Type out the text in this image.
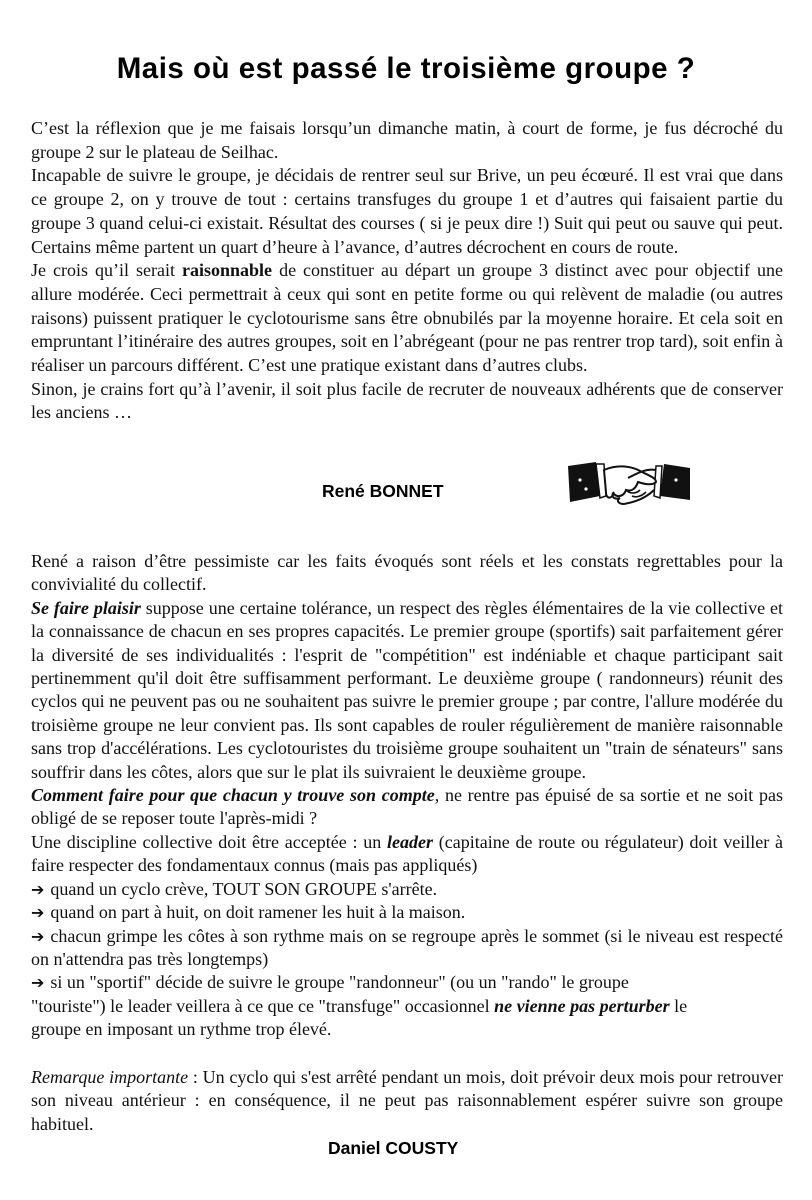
Mais où est passé le troisième groupe ?

C’est la réflexion que je me faisais lorsqu’un dimanche matin, à court de forme, je fus décroché du groupe 2 sur le plateau de Seilhac.

Incapable de suivre le groupe, je décidais de rentrer seul sur Brive, un peu écœuré. Il est vrai que dans ce groupe 2, on y trouve de tout : certains transfuges du groupe 1 et d’autres qui faisaient partie du groupe 3 quand celui-ci existait. Résultat des courses ( si je peux dire !) Suit qui peut ou sauve qui peut. Certains même partent un quart d’heure à l’avance, d’autres décrochent en cours de route.

Je crois qu’il serait raisonnable de constituer au départ un groupe 3 distinct avec pour objectif une allure modérée. Ceci permettrait à ceux qui sont en petite forme ou qui relèvent de maladie (ou autres raisons) puissent pratiquer le cyclotourisme sans être obnubilés par la moyenne horaire. Et cela soit en empruntant l’itinéraire des autres groupes, soit en l’abrégeant (pour ne pas rentrer trop tard), soit enfin à réaliser un parcours différent. C’est une pratique existant dans d’autres clubs.

Sinon, je crains fort qu’à l’avenir, il soit plus facile de recruter de nouveaux adhérents que de conserver les anciens …

René BONNET

René a raison d’être pessimiste car les faits évoqués sont réels et les constats regrettables pour la convivialité du collectif.

Se faire plaisir suppose une certaine tolérance, un respect des règles élémentaires de la vie collective et la connaissance de chacun en ses propres capacités. Le premier groupe (sportifs) sait parfaitement gérer la diversité de ses individualités : l'esprit de "compétition" est indéniable et chaque participant sait pertinemment qu'il doit être suffisamment performant. Le deuxième groupe ( randonneurs) réunit des cyclos qui ne peuvent pas ou ne souhaitent pas suivre le premier groupe ; par contre, l'allure modérée du troisième groupe ne leur convient pas. Ils sont capables de rouler régulièrement de manière raisonnable sans trop d'accélérations. Les cyclotouristes du troisième groupe souhaitent un "train de sénateurs" sans souffrir dans les côtes, alors que sur le plat ils suivraient le deuxième groupe.

Comment faire pour que chacun y trouve son compte, ne rentre pas épuisé de sa sortie et ne soit pas obligé de se reposer toute l'après-midi ?

Une discipline collective doit être acceptée : un leader (capitaine de route ou régulateur) doit veiller à faire respecter des fondamentaux connus (mais pas appliqués)

➔ quand un cyclo crève, TOUT SON GROUPE s'arrête.

➔ quand on part à huit, on doit ramener les huit à la maison.

➔ chacun grimpe les côtes à son rythme mais on se regroupe après le sommet (si le niveau est respecté on n'attendra pas très longtemps)

➔ si un "sportif" décide de suivre le groupe "randonneur" (ou un "rando" le groupe
"touriste") le leader veillera à ce que ce "transfuge" occasionnel ne vienne pas perturber le
groupe en imposant un rythme trop élevé.

Remarque importante : Un cyclo qui s'est arrêté pendant un mois, doit prévoir deux mois pour retrouver son niveau antérieur : en conséquence, il ne peut pas raisonnablement espérer suivre son groupe habituel.

Daniel COUSTY
